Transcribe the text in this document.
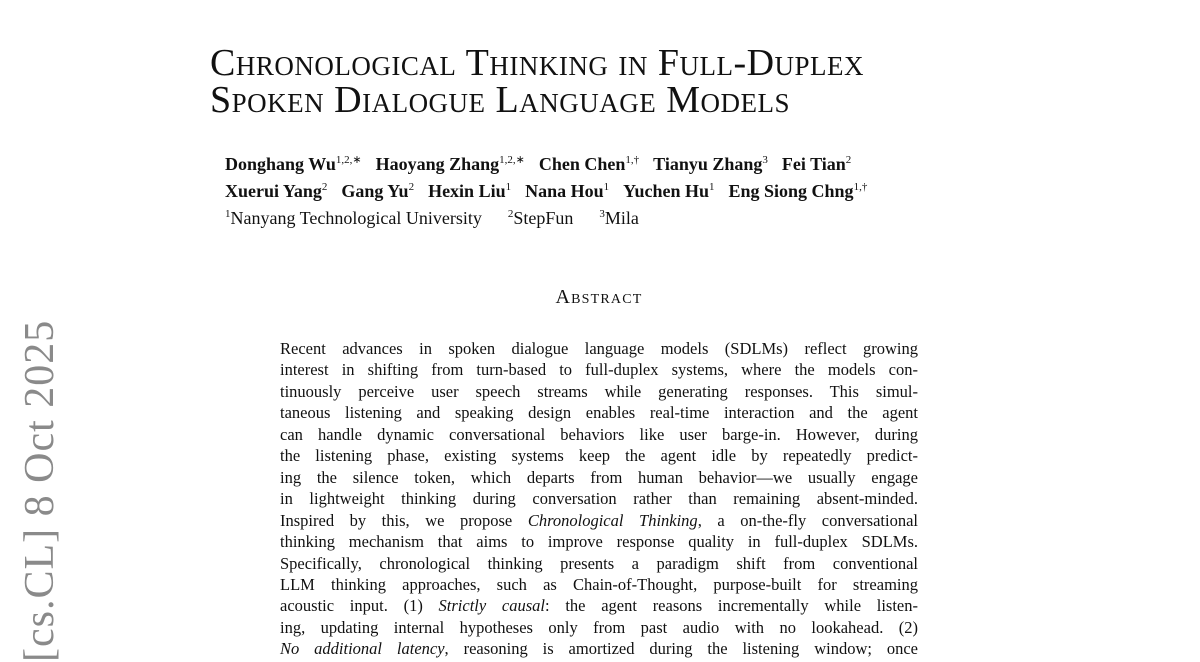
[cs.CL] 8 Oct 2025
Chronological Thinking in Full-Duplex
Spoken Dialogue Language Models
Donghang $Wu^{1,2,∗}$ Haoyang Zhang$^{1,2,∗}$ Chen Chen$^{1,\dagger}$ Tianyu Zhang$^3$ Fei Tian$^2$
Xuerui Yang$^2$ Gang Yu$^2$ Hexin Liu$^1$ Nana Hou$^1$ Yuchen Hu$^1$ Eng Siong Chng$^{1,\dagger}$
$^1$Nanyang Technological University $^2$StepFun $^3$Mila
Abstract
Recent advances in spoken dialogue language models (SDLMs) reflect growing
interest in shifting from turn-based to full-duplex systems, where the models con-
tinuously perceive user speech streams while generating responses. This simul-
taneous listening and speaking design enables real-time interaction and the agent
can handle dynamic conversational behaviors like user barge-in. However, during
the listening phase, existing systems keep the agent idle by repeatedly predict-
ing the silence token, which departs from human behavior—we usually engage
in lightweight thinking during conversation rather than remaining absent-minded.
Inspired by this, we propose Chronological Thinking, a on-the-fly conversational
thinking mechanism that aims to improve response quality in full-duplex SDLMs.
Specifically, chronological thinking presents a paradigm shift from conventional
LLM thinking approaches, such as Chain-of-Thought, purpose-built for streaming
acoustic input. (1) Strictly causal: the agent reasons incrementally while listen-
ing, updating internal hypotheses only from past audio with no lookahead. (2)
No additional latency, reasoning is amortized during the listening window; once
